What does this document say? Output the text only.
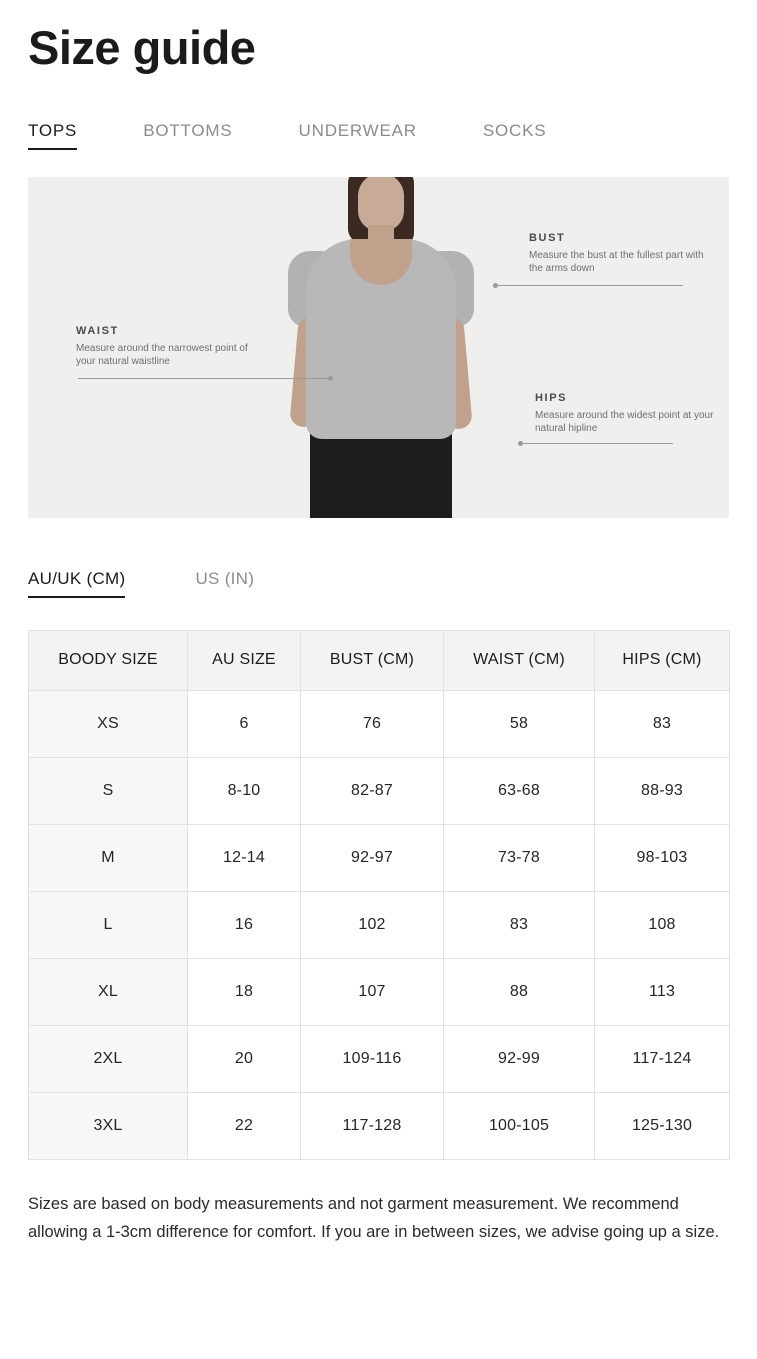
Size guide
TOPS	BOTTOMS	UNDERWEAR	SOCKS
BUST
Measure the bust at the fullest part with the arms down
WAIST
Measure around the narrowest point of your natural waistline
HIPS
Measure around the widest point at your natural hipline
AU/UK (CM)	US (IN)
BOODY SIZE	AU SIZE	BUST (CM)	WAIST (CM)	HIPS (CM)
XS	6	76	58	83
S	8-10	82-87	63-68	88-93
M	12-14	92-97	73-78	98-103
L	16	102	83	108
XL	18	107	88	113
2XL	20	109-116	92-99	117-124
3XL	22	117-128	100-105	125-130

Sizes are based on body measurements and not garment measurement. We recommend allowing a 1-3cm difference for comfort. If you are in between sizes, we advise going up a size.
